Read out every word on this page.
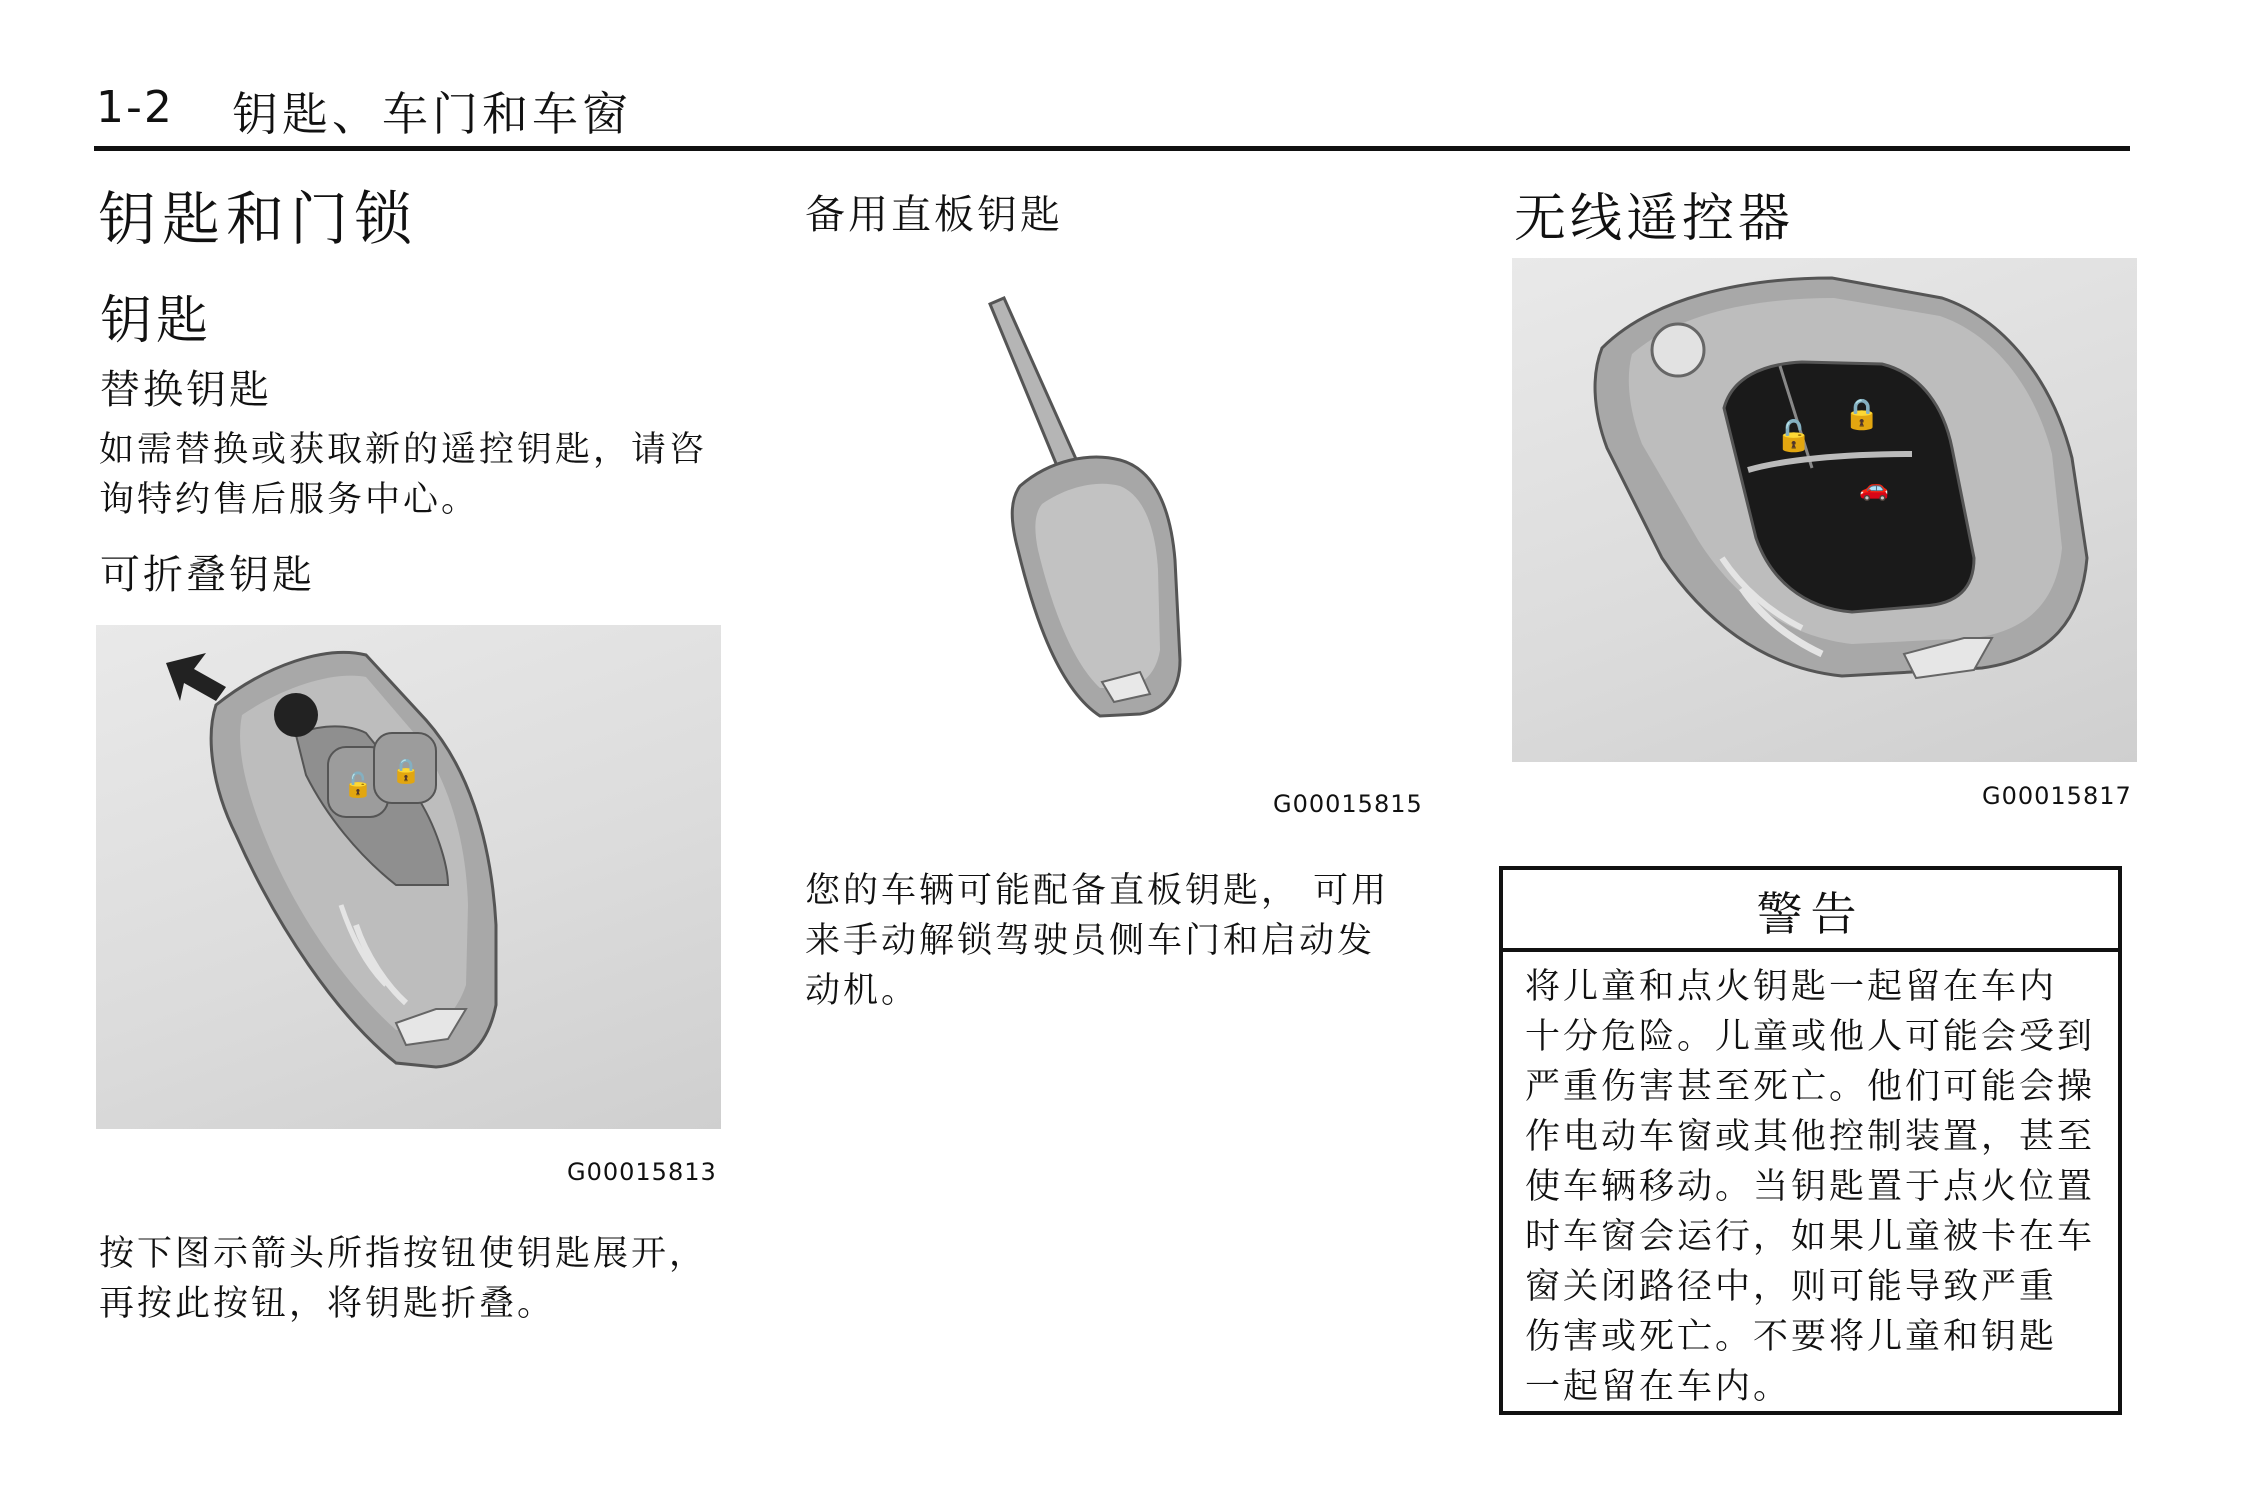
1-2 钥匙、车门和车窗
钥匙和门锁
钥匙
替换钥匙
如需替换或获取新的遥控钥匙，请咨
询特约售后服务中心。
可折叠钥匙
🔓 🔒
G00015813
按下图示箭头所指按钮使钥匙展开，
再按此按钮，将钥匙折叠。
备用直板钥匙
G00015815
您的车辆可能配备直板钥匙， 可用
来手动解锁驾驶员侧车门和启动发
动机。
无线遥控器
🔓
🔒
🚗
G00015817
警告
将儿童和点火钥匙一起留在车内
十分危险。儿童或他人可能会受到
严重伤害甚至死亡。他们可能会操
作电动车窗或其他控制装置，甚至
使车辆移动。当钥匙置于点火位置
时车窗会运行，如果儿童被卡在车
窗关闭路径中，则可能导致严重
伤害或死亡。不要将儿童和钥匙
一起留在车内。
